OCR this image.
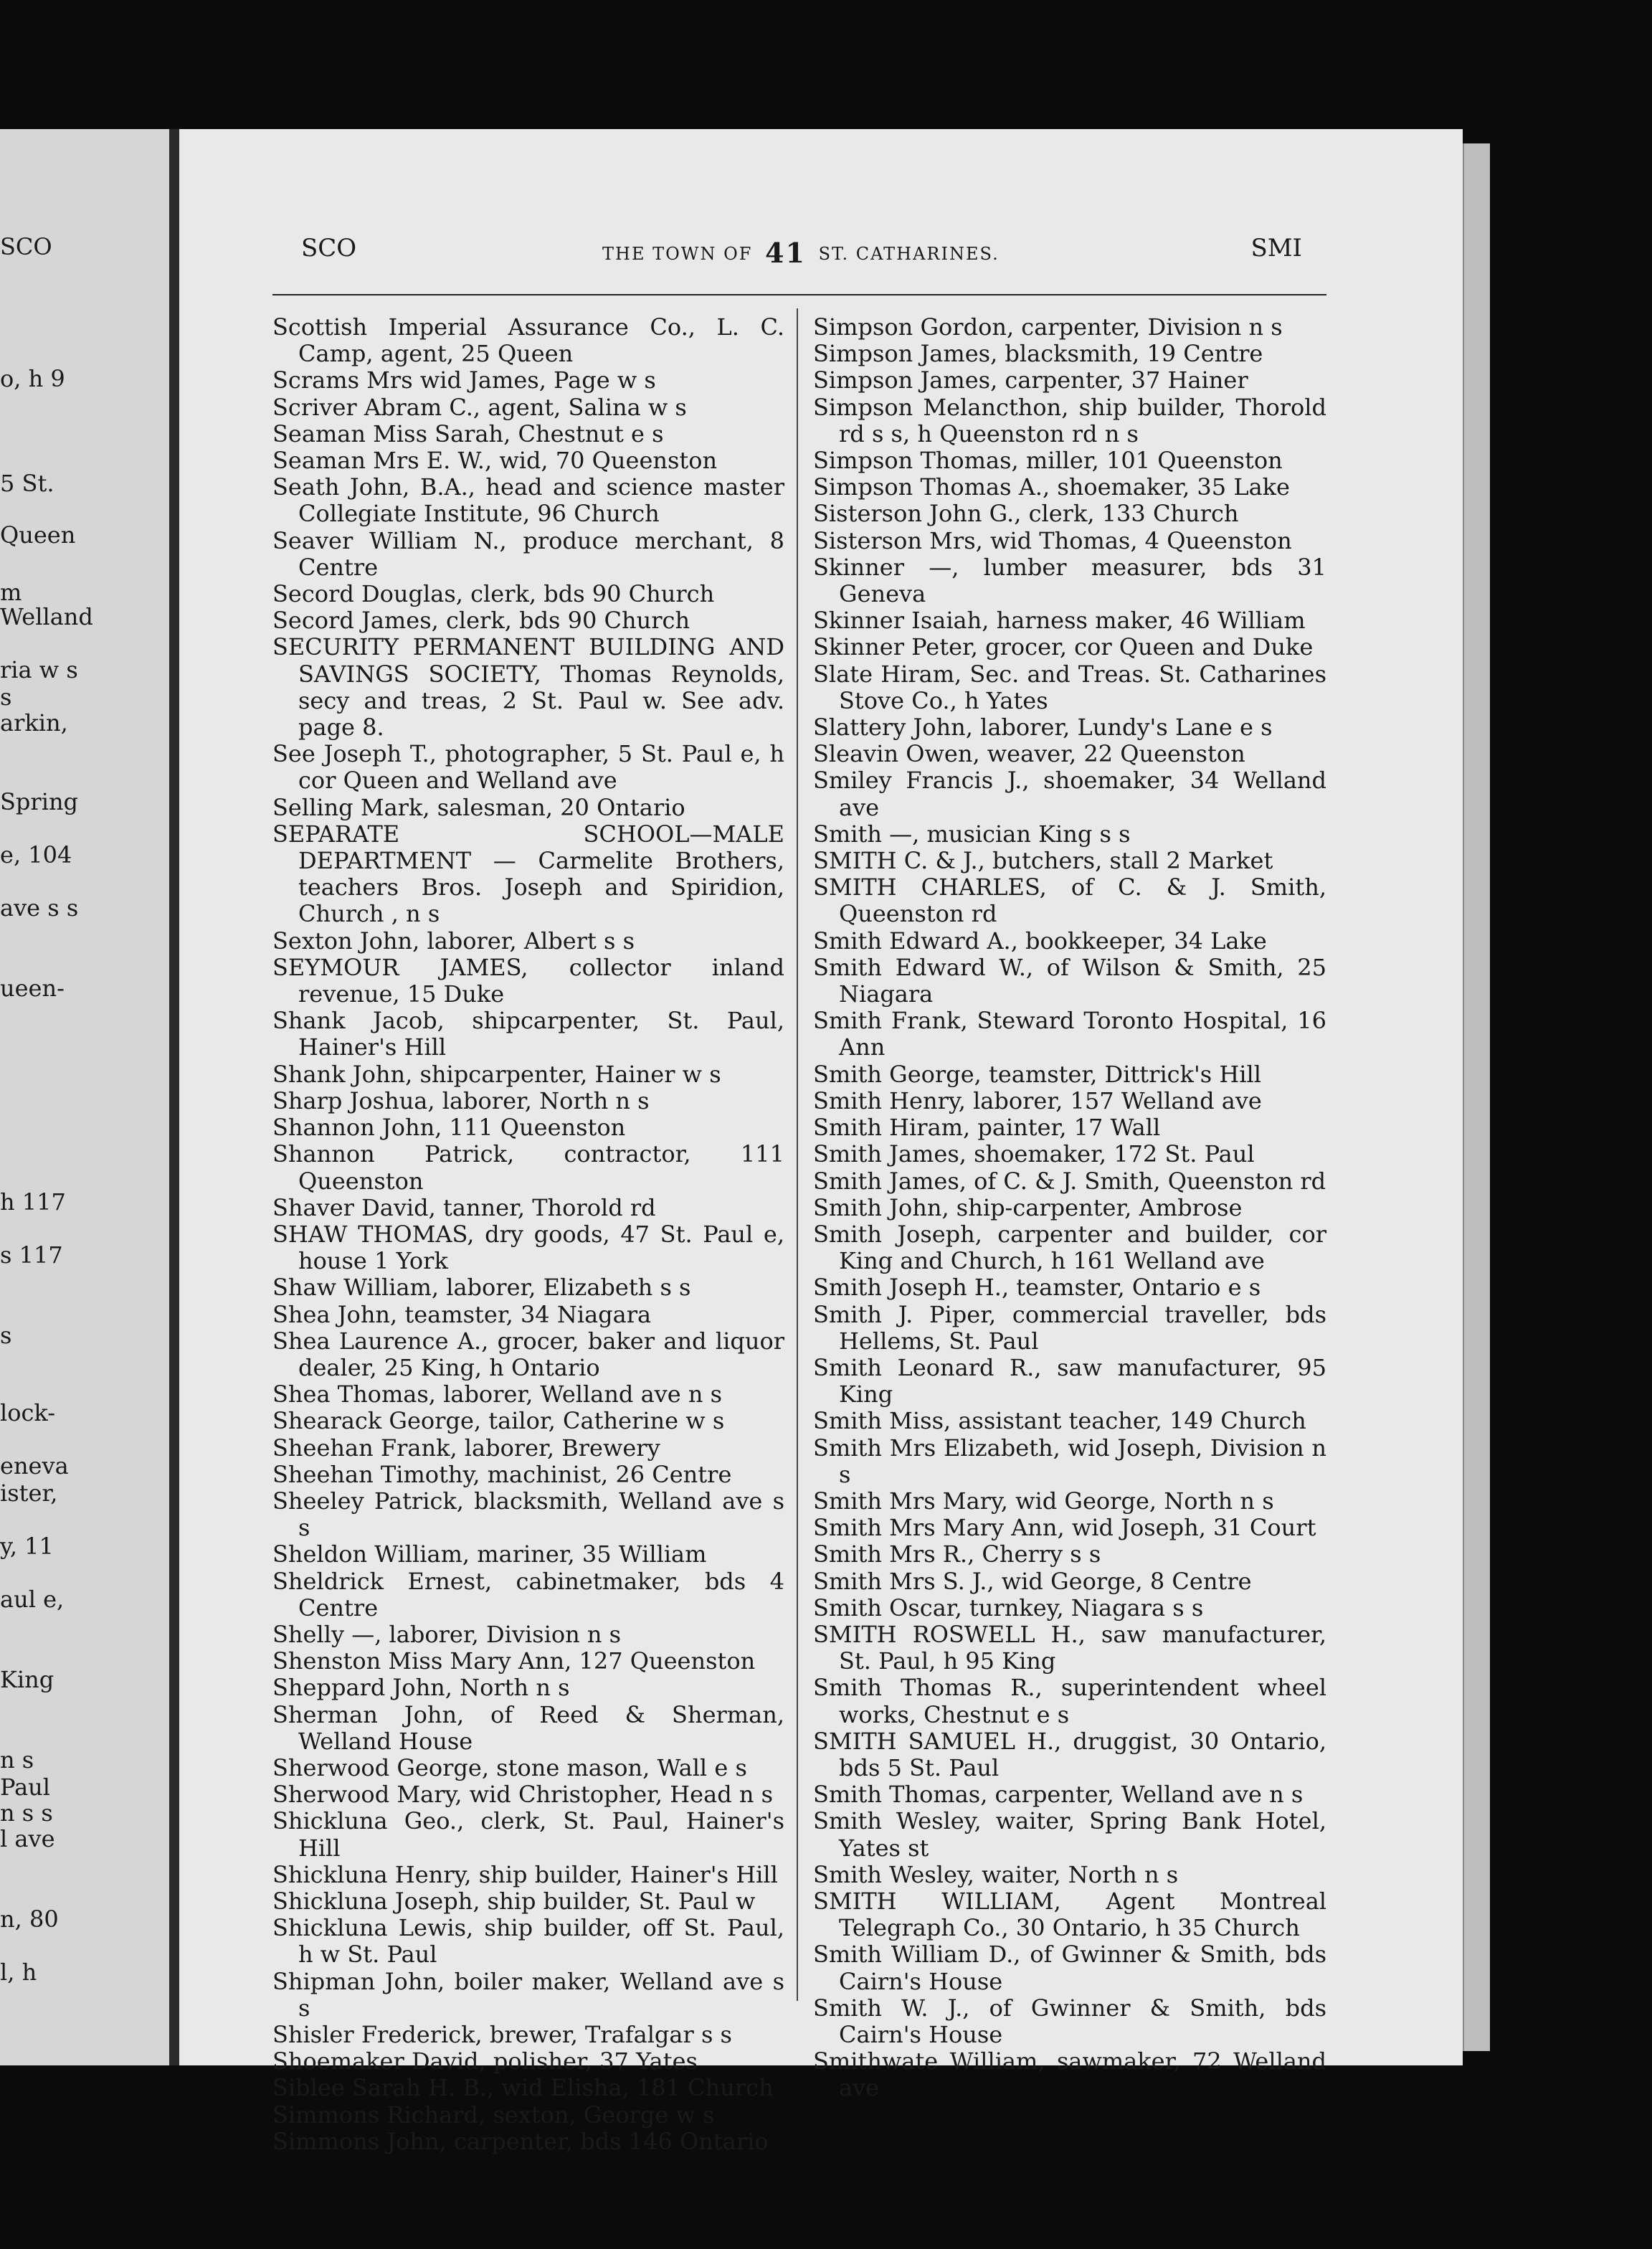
SCO
o, h 9
5 St.
Queen
m
Welland
ria w s
s
arkin,
Spring
e, 104
ave s s
ueen-
h 117
s 117
s
lock-
eneva
ister,
y, 11
aul e,
King
n s
Paul
n s s
l ave
n, 80
l, h
SCO	THE TOWN OF 41 ST. CATHARINES.	SMI

Scottish Imperial Assurance Co., L. C. Camp, agent, 25 Queen

Scrams Mrs wid James, Page w s

Scriver Abram C., agent, Salina w s

Seaman Miss Sarah, Chestnut e s

Seaman Mrs E. W., wid, 70 Queenston

Seath John, B.A., head and science master Collegiate Institute, 96 Church

Seaver William N., produce merchant, 8 Centre

Secord Douglas, clerk, bds 90 Church

Secord James, clerk, bds 90 Church

SECURITY PERMANENT BUILDING AND SAVINGS SOCIETY, Thomas Reynolds, secy and treas, 2 St. Paul w. See adv. page 8.

See Joseph T., photographer, 5 St. Paul e, h cor Queen and Welland ave

Selling Mark, salesman, 20 Ontario

SEPARATE SCHOOL—MALE DEPARTMENT — Carmelite Brothers, teachers Bros. Joseph and Spiridion, Church , n s

Sexton John, laborer, Albert s s

SEYMOUR JAMES, collector inland revenue, 15 Duke

Shank Jacob, shipcarpenter, St. Paul, Hainer's Hill

Shank John, shipcarpenter, Hainer w s

Sharp Joshua, laborer, North n s

Shannon John, 111 Queenston

Shannon Patrick, contractor, 111 Queenston

Shaver David, tanner, Thorold rd

SHAW THOMAS, dry goods, 47 St. Paul e, house 1 York

Shaw William, laborer, Elizabeth s s

Shea John, teamster, 34 Niagara

Shea Laurence A., grocer, baker and liquor dealer, 25 King, h Ontario

Shea Thomas, laborer, Welland ave n s

Shearack George, tailor, Catherine w s

Sheehan Frank, laborer, Brewery

Sheehan Timothy, machinist, 26 Centre

Sheeley Patrick, blacksmith, Welland ave s s

Sheldon William, mariner, 35 William

Sheldrick Ernest, cabinetmaker, bds 4 Centre

Shelly —, laborer, Division n s

Shenston Miss Mary Ann, 127 Queenston

Sheppard John, North n s

Sherman John, of Reed & Sherman, Welland House

Sherwood George, stone mason, Wall e s

Sherwood Mary, wid Christopher, Head n s

Shickluna Geo., clerk, St. Paul, Hainer's Hill

Shickluna Henry, ship builder, Hainer's Hill

Shickluna Joseph, ship builder, St. Paul w

Shickluna Lewis, ship builder, off St. Paul, h w St. Paul

Shipman John, boiler maker, Welland ave s s

Shisler Frederick, brewer, Trafalgar s s

Shoemaker David, polisher, 37 Yates

Siblee Sarah H. B., wid Elisha, 181 Church

Simmons Richard, sexton, George w s

Simmons John, carpenter, bds 146 Ontario

Simpson Gordon, carpenter, Division n s

Simpson James, blacksmith, 19 Centre

Simpson James, carpenter, 37 Hainer

Simpson Melancthon, ship builder, Thorold rd s s, h Queenston rd n s

Simpson Thomas, miller, 101 Queenston

Simpson Thomas A., shoemaker, 35 Lake

Sisterson John G., clerk, 133 Church

Sisterson Mrs, wid Thomas, 4 Queenston

Skinner —, lumber measurer, bds 31 Geneva

Skinner Isaiah, harness maker, 46 William

Skinner Peter, grocer, cor Queen and Duke

Slate Hiram, Sec. and Treas. St. Catharines Stove Co., h Yates

Slattery John, laborer, Lundy's Lane e s

Sleavin Owen, weaver, 22 Queenston

Smiley Francis J., shoemaker, 34 Welland ave

Smith —, musician King s s

SMITH C. & J., butchers, stall 2 Market

SMITH CHARLES, of C. & J. Smith, Queenston rd

Smith Edward A., bookkeeper, 34 Lake

Smith Edward W., of Wilson & Smith, 25 Niagara

Smith Frank, Steward Toronto Hospital, 16 Ann

Smith George, teamster, Dittrick's Hill

Smith Henry, laborer, 157 Welland ave

Smith Hiram, painter, 17 Wall

Smith James, shoemaker, 172 St. Paul

Smith James, of C. & J. Smith, Queenston rd

Smith John, ship-carpenter, Ambrose

Smith Joseph, carpenter and builder, cor King and Church, h 161 Welland ave

Smith Joseph H., teamster, Ontario e s

Smith J. Piper, commercial traveller, bds Hellems, St. Paul

Smith Leonard R., saw manufacturer, 95 King

Smith Miss, assistant teacher, 149 Church

Smith Mrs Elizabeth, wid Joseph, Division n s

Smith Mrs Mary, wid George, North n s

Smith Mrs Mary Ann, wid Joseph, 31 Court

Smith Mrs R., Cherry s s

Smith Mrs S. J., wid George, 8 Centre

Smith Oscar, turnkey, Niagara s s

SMITH ROSWELL H., saw manufacturer, St. Paul, h 95 King

Smith Thomas R., superintendent wheel works, Chestnut e s

SMITH SAMUEL H., druggist, 30 Ontario, bds 5 St. Paul

Smith Thomas, carpenter, Welland ave n s

Smith Wesley, waiter, Spring Bank Hotel, Yates st

Smith Wesley, waiter, North n s

SMITH WILLIAM, Agent Montreal Telegraph Co., 30 Ontario, h 35 Church

Smith William D., of Gwinner & Smith, bds Cairn's House

Smith W. J., of Gwinner & Smith, bds Cairn's House

Smithwate William, sawmaker, 72 Welland ave
